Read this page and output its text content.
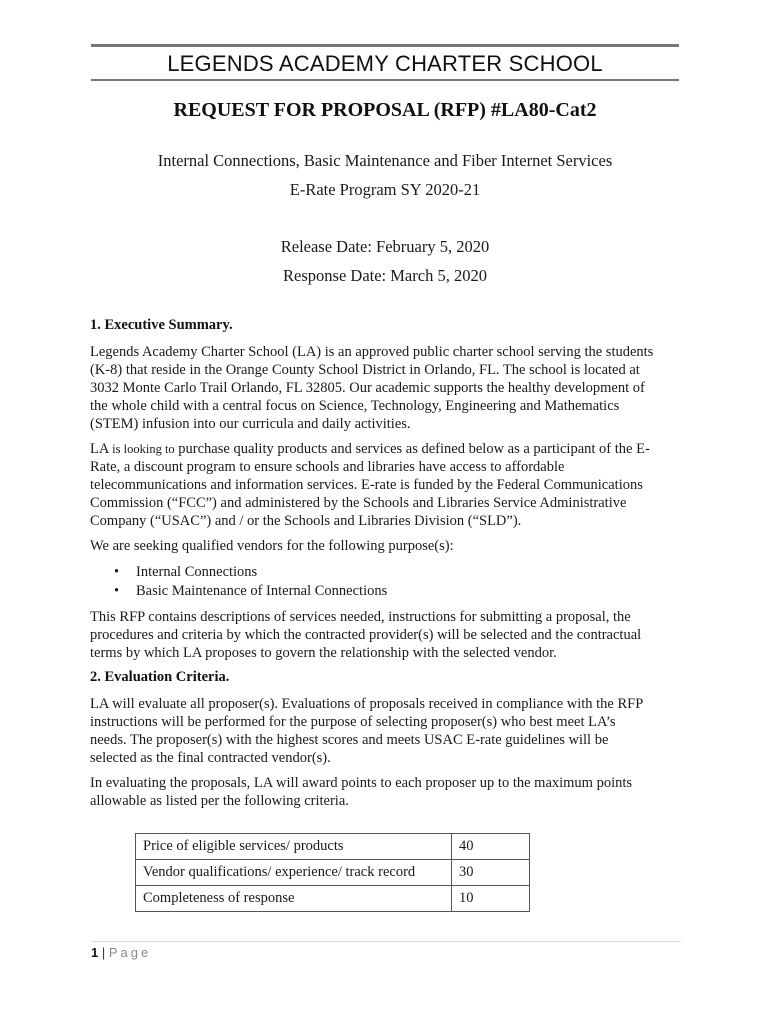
LEGENDS ACADEMY CHARTER SCHOOL
REQUEST FOR PROPOSAL (RFP) #LA80-Cat2
Internal Connections, Basic Maintenance and Fiber Internet Services
E-Rate Program SY 2020-21
Release Date: February 5, 2020
Response Date: March 5, 2020
1. Executive Summary.
Legends Academy Charter School (LA) is an approved public charter school serving the students
(K-8) that reside in the Orange County School District in Orlando, FL. The school is located at
3032 Monte Carlo Trail Orlando, FL 32805. Our academic supports the healthy development of
the whole child with a central focus on Science, Technology, Engineering and Mathematics
(STEM) infusion into our curricula and daily activities.
LA is looking to purchase quality products and services as defined below as a participant of the E-
Rate, a discount program to ensure schools and libraries have access to affordable
telecommunications and information services. E-rate is funded by the Federal Communications
Commission (“FCC”) and administered by the Schools and Libraries Service Administrative
Company (“USAC”) and / or the Schools and Libraries Division (“SLD”).
We are seeking qualified vendors for the following purpose(s):
• Internal Connections
• Basic Maintenance of Internal Connections
This RFP contains descriptions of services needed, instructions for submitting a proposal, the
procedures and criteria by which the contracted provider(s) will be selected and the contractual
terms by which LA proposes to govern the relationship with the selected vendor.
2. Evaluation Criteria.
LA will evaluate all proposer(s). Evaluations of proposals received in compliance with the RFP
instructions will be performed for the purpose of selecting proposer(s) who best meet LA’s
needs. The proposer(s) with the highest scores and meets USAC E-rate guidelines will be
selected as the final contracted vendor(s).
In evaluating the proposals, LA will award points to each proposer up to the maximum points
allowable as listed per the following criteria.
Price of eligible services/ products	40
Vendor qualifications/ experience/ track record	30
Completeness of response	10
1 | Page
